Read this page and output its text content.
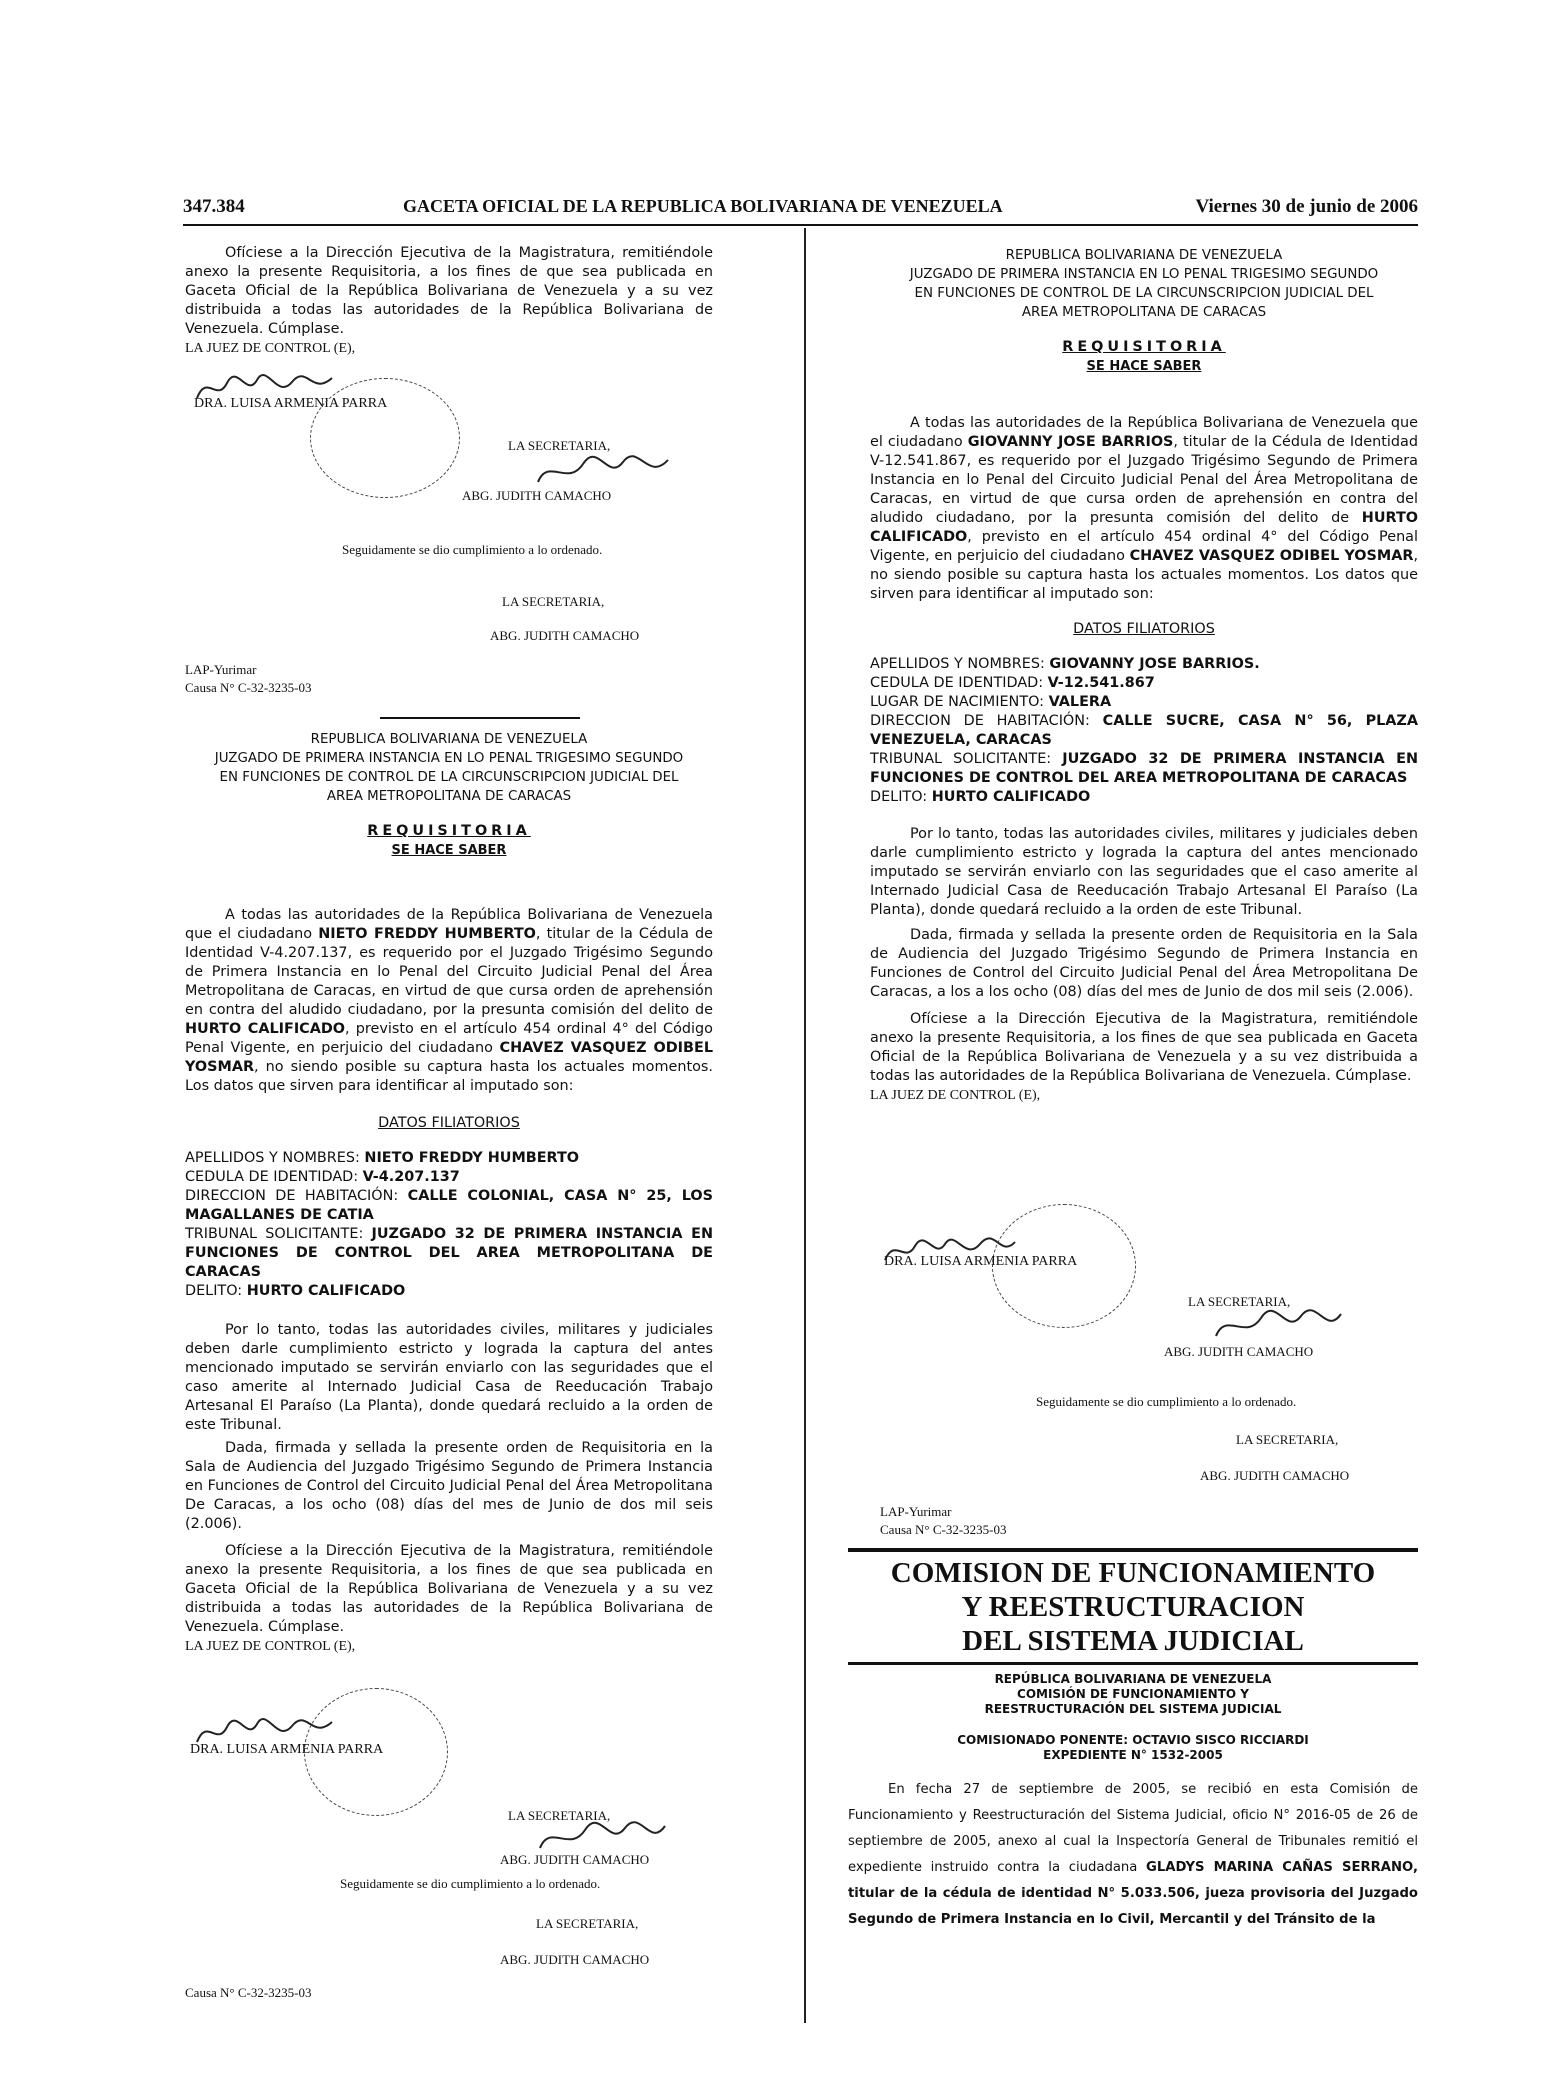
347.384	GACETA OFICIAL DE LA REPUBLICA BOLIVARIANA DE VENEZUELA	Viernes 30 de junio de 2006

Ofíciese a la Dirección Ejecutiva de la Magistratura, remitiéndole anexo la presente Requisitoria, a los fines de que sea publicada en Gaceta Oficial de la República Bolivariana de Venezuela y a su vez distribuida a todas las autoridades de la República Bolivariana de Venezuela. Cúmplase.

LA JUEZ DE CONTROL (E),
DRA. LUISA ARMENIA PARRA
LA SECRETARIA,
ABG. JUDITH CAMACHO
Seguidamente se dio cumplimiento a lo ordenado.
LA SECRETARIA,
ABG. JUDITH CAMACHO
LAP-Yurimar
Causa N° C-32-3235-03
REPUBLICA BOLIVARIANA DE VENEZUELA
JUZGADO DE PRIMERA INSTANCIA EN LO PENAL TRIGESIMO SEGUNDO
EN FUNCIONES DE CONTROL DE LA CIRCUNSCRIPCION JUDICIAL DEL
AREA METROPOLITANA DE CARACAS
REQUISITORIA
SE HACE SABER

A todas las autoridades de la República Bolivariana de Venezuela que el ciudadano NIETO FREDDY HUMBERTO, titular de la Cédula de Identidad V-4.207.137, es requerido por el Juzgado Trigésimo Segundo de Primera Instancia en lo Penal del Circuito Judicial Penal del Área Metropolitana de Caracas, en virtud de que cursa orden de aprehensión en contra del aludido ciudadano, por la presunta comisión del delito de HURTO CALIFICADO, previsto en el artículo 454 ordinal 4° del Código Penal Vigente, en perjuicio del ciudadano CHAVEZ VASQUEZ ODIBEL YOSMAR, no siendo posible su captura hasta los actuales momentos. Los datos que sirven para identificar al imputado son:

DATOS FILIATORIOS

APELLIDOS Y NOMBRES: NIETO FREDDY HUMBERTO

CEDULA DE IDENTIDAD: V-4.207.137

DIRECCION DE HABITACIÓN: CALLE COLONIAL, CASA N° 25, LOS MAGALLANES DE CATIA

TRIBUNAL SOLICITANTE: JUZGADO 32 DE PRIMERA INSTANCIA EN FUNCIONES DE CONTROL DEL AREA METROPOLITANA DE CARACAS

DELITO: HURTO CALIFICADO

Por lo tanto, todas las autoridades civiles, militares y judiciales deben darle cumplimiento estricto y lograda la captura del antes mencionado imputado se servirán enviarlo con las seguridades que el caso amerite al Internado Judicial Casa de Reeducación Trabajo Artesanal El Paraíso (La Planta), donde quedará recluido a la orden de este Tribunal.

Dada, firmada y sellada la presente orden de Requisitoria en la Sala de Audiencia del Juzgado Trigésimo Segundo de Primera Instancia en Funciones de Control del Circuito Judicial Penal del Área Metropolitana De Caracas, a los ocho (08) días del mes de Junio de dos mil seis (2.006).

Ofíciese a la Dirección Ejecutiva de la Magistratura, remitiéndole anexo la presente Requisitoria, a los fines de que sea publicada en Gaceta Oficial de la República Bolivariana de Venezuela y a su vez distribuida a todas las autoridades de la República Bolivariana de Venezuela. Cúmplase.

LA JUEZ DE CONTROL (E),
DRA. LUISA ARMENIA PARRA
LA SECRETARIA,
ABG. JUDITH CAMACHO
Seguidamente se dio cumplimiento a lo ordenado.
LA SECRETARIA,
ABG. JUDITH CAMACHO
Causa N° C-32-3235-03
REPUBLICA BOLIVARIANA DE VENEZUELA
JUZGADO DE PRIMERA INSTANCIA EN LO PENAL TRIGESIMO SEGUNDO
EN FUNCIONES DE CONTROL DE LA CIRCUNSCRIPCION JUDICIAL DEL
AREA METROPOLITANA DE CARACAS
REQUISITORIA
SE HACE SABER

A todas las autoridades de la República Bolivariana de Venezuela que el ciudadano GIOVANNY JOSE BARRIOS, titular de la Cédula de Identidad V-12.541.867, es requerido por el Juzgado Trigésimo Segundo de Primera Instancia en lo Penal del Circuito Judicial Penal del Área Metropolitana de Caracas, en virtud de que cursa orden de aprehensión en contra del aludido ciudadano, por la presunta comisión del delito de HURTO CALIFICADO, previsto en el artículo 454 ordinal 4° del Código Penal Vigente, en perjuicio del ciudadano CHAVEZ VASQUEZ ODIBEL YOSMAR, no siendo posible su captura hasta los actuales momentos. Los datos que sirven para identificar al imputado son:

DATOS FILIATORIOS

APELLIDOS Y NOMBRES: GIOVANNY JOSE BARRIOS.

CEDULA DE IDENTIDAD: V-12.541.867

LUGAR DE NACIMIENTO: VALERA

DIRECCION DE HABITACIÓN: CALLE SUCRE, CASA N° 56, PLAZA VENEZUELA, CARACAS

TRIBUNAL SOLICITANTE: JUZGADO 32 DE PRIMERA INSTANCIA EN FUNCIONES DE CONTROL DEL AREA METROPOLITANA DE CARACAS

DELITO: HURTO CALIFICADO

Por lo tanto, todas las autoridades civiles, militares y judiciales deben darle cumplimiento estricto y lograda la captura del antes mencionado imputado se servirán enviarlo con las seguridades que el caso amerite al Internado Judicial Casa de Reeducación Trabajo Artesanal El Paraíso (La Planta), donde quedará recluido a la orden de este Tribunal.

Dada, firmada y sellada la presente orden de Requisitoria en la Sala de Audiencia del Juzgado Trigésimo Segundo de Primera Instancia en Funciones de Control del Circuito Judicial Penal del Área Metropolitana De Caracas, a los a los ocho (08) días del mes de Junio de dos mil seis (2.006).

Ofíciese a la Dirección Ejecutiva de la Magistratura, remitiéndole anexo la presente Requisitoria, a los fines de que sea publicada en Gaceta Oficial de la República Bolivariana de Venezuela y a su vez distribuida a todas las autoridades de la República Bolivariana de Venezuela. Cúmplase.

LA JUEZ DE CONTROL (E),
DRA. LUISA ARMENIA PARRA
LA SECRETARIA,
ABG. JUDITH CAMACHO
Seguidamente se dio cumplimiento a lo ordenado.
LA SECRETARIA,
ABG. JUDITH CAMACHO
LAP-Yurimar
Causa N° C-32-3235-03
COMISION DE FUNCIONAMIENTO
Y REESTRUCTURACION
DEL SISTEMA JUDICIAL
REPÚBLICA BOLIVARIANA DE VENEZUELA
COMISIÓN DE FUNCIONAMIENTO Y
REESTRUCTURACIÓN DEL SISTEMA JUDICIAL
COMISIONADO PONENTE: OCTAVIO SISCO RICCIARDI
EXPEDIENTE N° 1532-2005

En fecha 27 de septiembre de 2005, se recibió en esta Comisión de Funcionamiento y Reestructuración del Sistema Judicial, oficio N° 2016-05 de 26 de septiembre de 2005, anexo al cual la Inspectoría General de Tribunales remitió el expediente instruido contra la ciudadana GLADYS MARINA CAÑAS SERRANO, titular de la cédula de identidad N° 5.033.506, jueza provisoria del Juzgado Segundo de Primera Instancia en lo Civil, Mercantil y del Tránsito de la
